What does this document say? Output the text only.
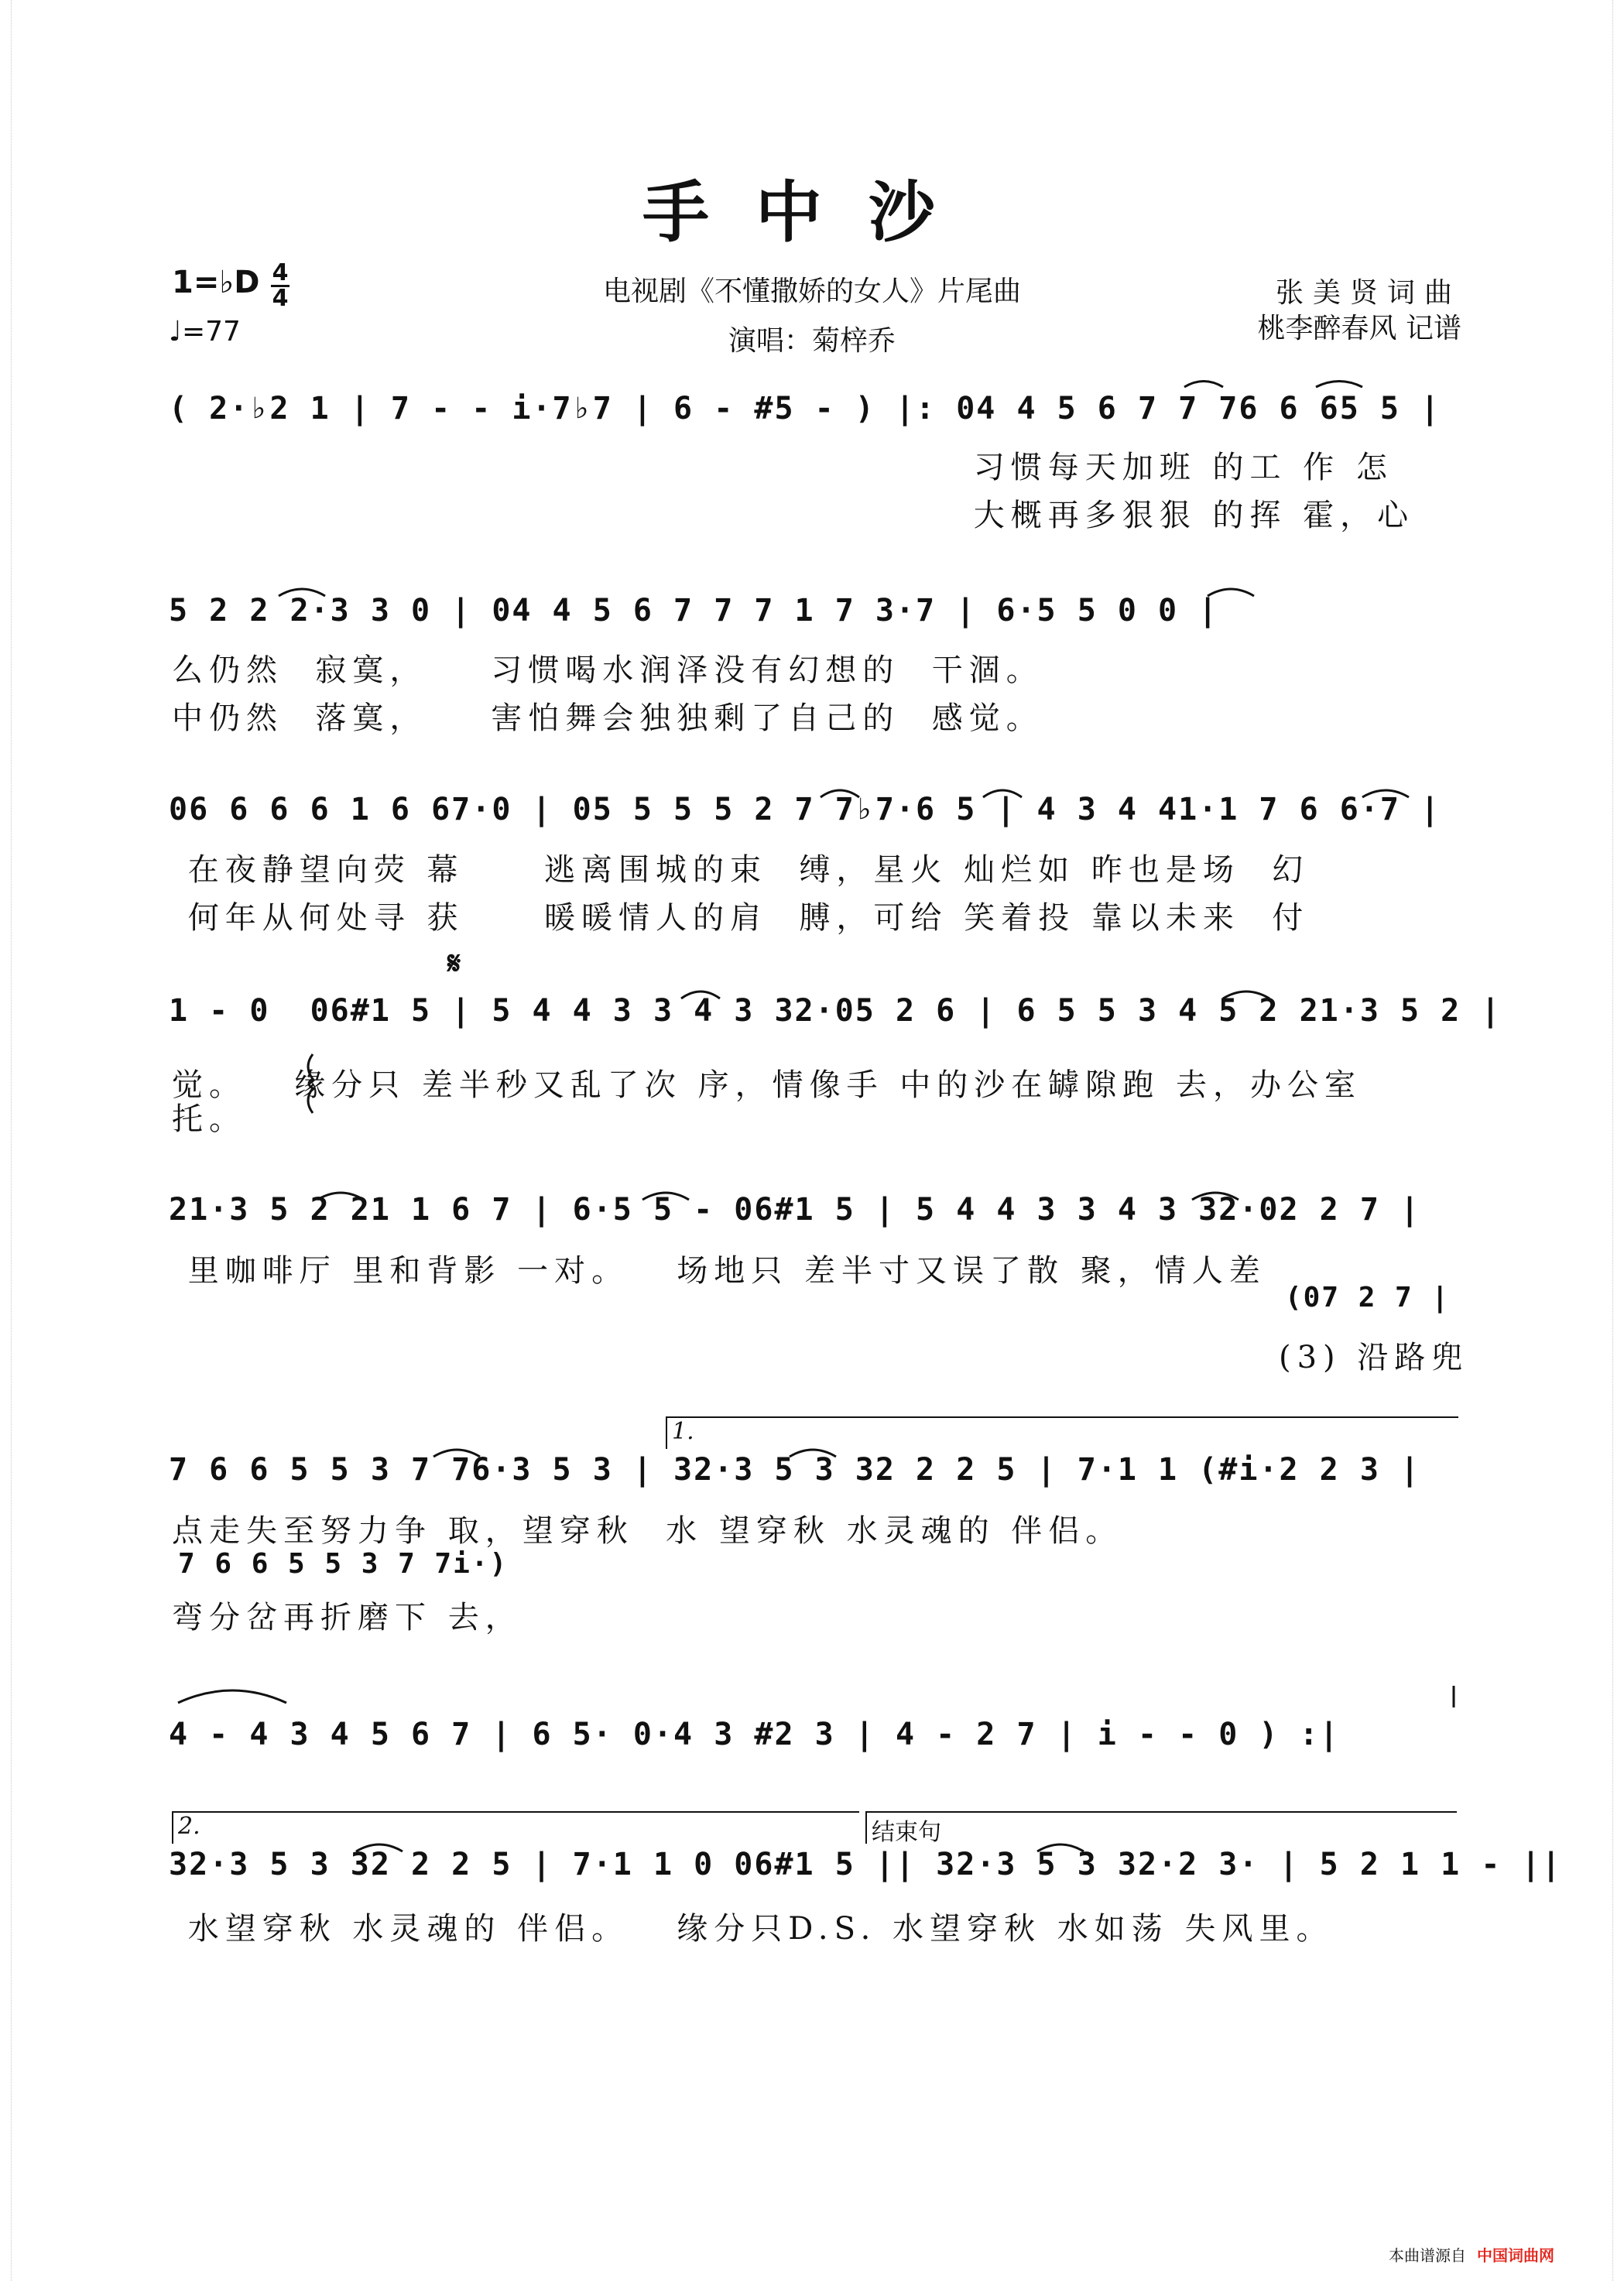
手中沙
1=♭D 4
4
♩=77
电视剧《不懂撒娇的女人》片尾曲
演唱：菊梓乔
张美贤词曲
桃李醉春风 记谱
𝄋
( 2·♭2 1 | 7 - - i·7♭7 | 6 - #5 - ) |: 04 4 5 6 7 7 76 6 65 5 |
习惯每天加班 的工 作 怎
大概再多狠狠 的挥 霍，心
5 2 2 2·3 3 0 | 04 4 5 6 7 7 7 1 7 3·7 | 6·5 5 0 0 |
么仍然  寂寞，    习惯喝水润泽没有幻想的  干涸。
中仍然  落寞，    害怕舞会独独剩了自己的  感觉。
06 6 6 6 1 6 67·0 | 05 5 5 5 2 7 7♭7·6 5 | 4 3 4 41·1 7 6 6·7 |
在夜静望向荧 幕     逃离围城的束  缚，星火 灿烂如 昨也是场  幻
何年从何处寻 获     暖暖情人的肩  膊，可给 笑着投 靠以未来  付
1 - 0  06#1 5 | 5 4 4 3 3 4 3 32·05 2 6 | 6 5 5 3 4 5 2 21·3 5 2 |
觉。   缘分只 差半秒又乱了次 序，情像手 中的沙在罅隙跑 去，办公室
托。
21·3 5 2 21 1 6 7 | 6·5 5 - 06#1 5 | 5 4 4 3 3 4 3 32·02 2 7 |
里咖啡厅 里和背影 一对。   场地只 差半寸又误了散 聚，情人差
(07 2 7 |
(3) 沿路兜
1.
7 6 6 5 5 3 7 76·3 5 3 | 32·3 5 3 32 2 2 5 | 7·1 1 (#i·2 2 3 |
点走失至努力争 取，望穿秋  水 望穿秋 水灵魂的 伴侣。
7 6 6 5 5 3 7 7i·)
弯分岔再折磨下 去，
4 - 4 3 4 5 6 7 | 6 5· 0·4 3 #2 3 | 4 - 2 7 | i - - 0 ) :|
2.	结束句
32·3 5 3 32 2 2 5 | 7·1 1 0 06#1 5 || 32·3 5 3 32·2 3· | 5 2 1 1 - ||
水望穿秋 水灵魂的 伴侣。   缘分只D.S. 水望穿秋 水如荡 失风里。
本曲谱源自 中国词曲网
